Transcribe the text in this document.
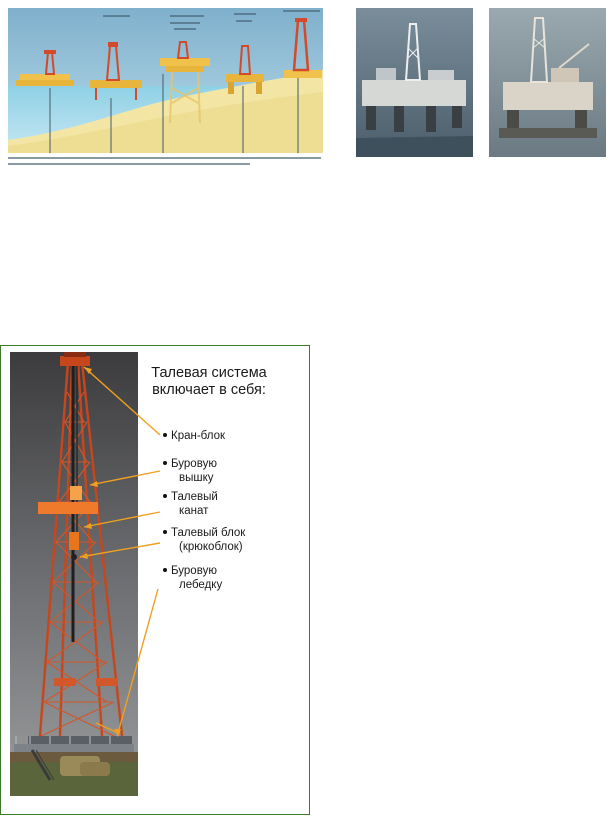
Талевая система
включает в себя:
Кран-блок
Буровую
вышку
Талевый
канат
Талевый блок
(крюкоблок)
Буровую
лебедку
